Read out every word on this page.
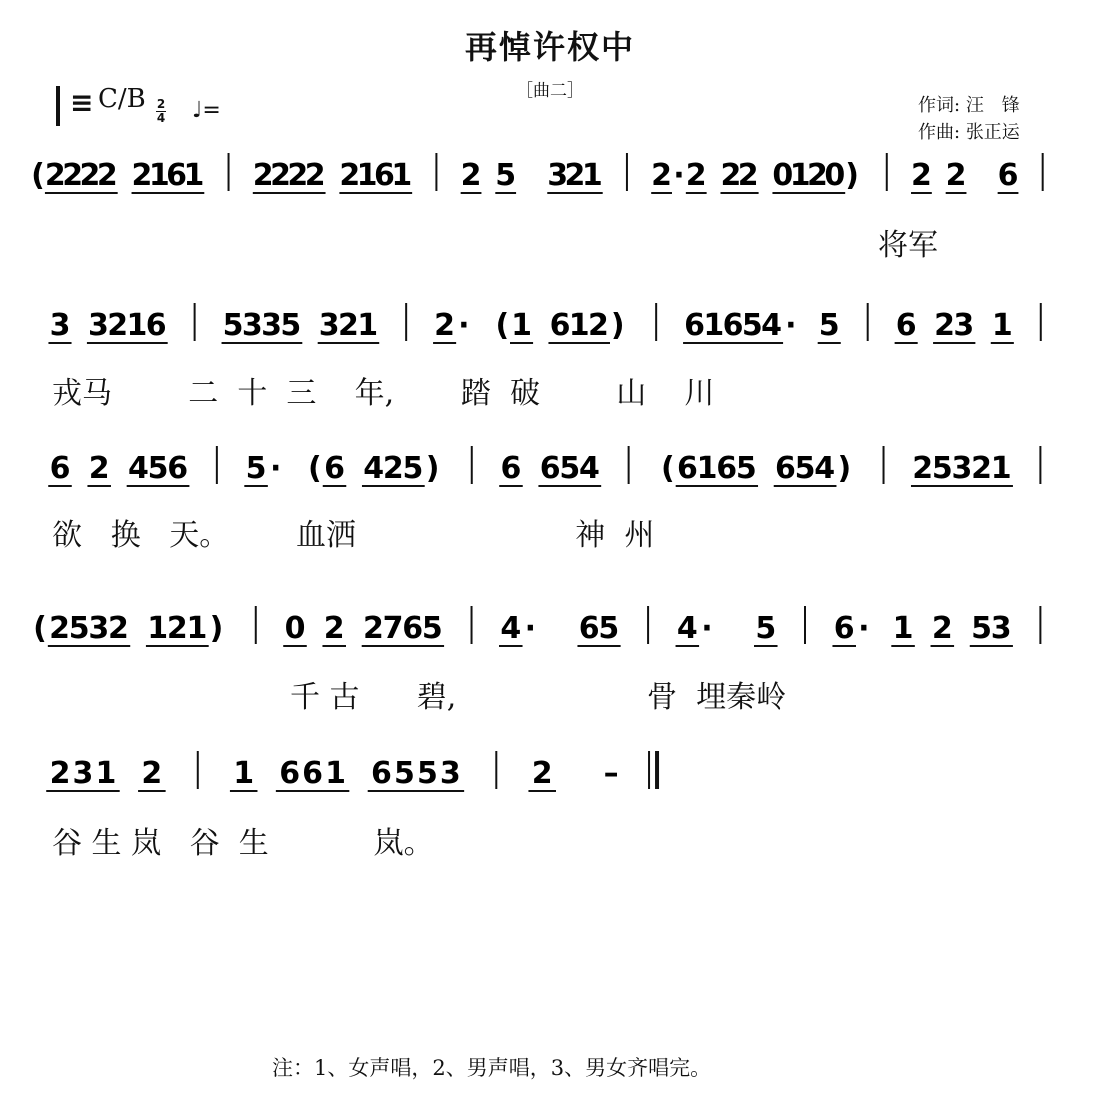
再悼许权中
［曲二］
作词: 汪　锋
作曲: 张正运
≡ C/B 2
4 ♩=
( 2
2
2
2 2
1
6
1 2
2
2
2 2
1
6
1 2 5 3
2
1 2 · 2 2
2 0
1
2
0 ) 2 2 6
3 3
2
1
6 5
3
3
5 3
2
1 2 · ( 1 6
1
2 ) 6
1
6
5
4 · 5 6 2
3 1
6 2 4
5
6 5 · ( 6 4
2
5 ) 6 6
5
4 ( 6
1
6
5 6
5
4 ) 2
5
3
2
1
( 2
5
3
2 1
2
1 ) 0 2 2
7
6
5 4 · 6
5 4 · 5 6 · 1 2 5
3
2 3 1 2 1 6 6 1 6 5 5 3 2 –
将军
戎马        二  十  三    年,       踏  破        山    川
欲   换   天。       血洒                       神  州
千 古      碧,                    骨  埋秦岭
谷 生 岚   谷  生           岚。
注：1、女声唱，2、男声唱，3、男女齐唱完。
